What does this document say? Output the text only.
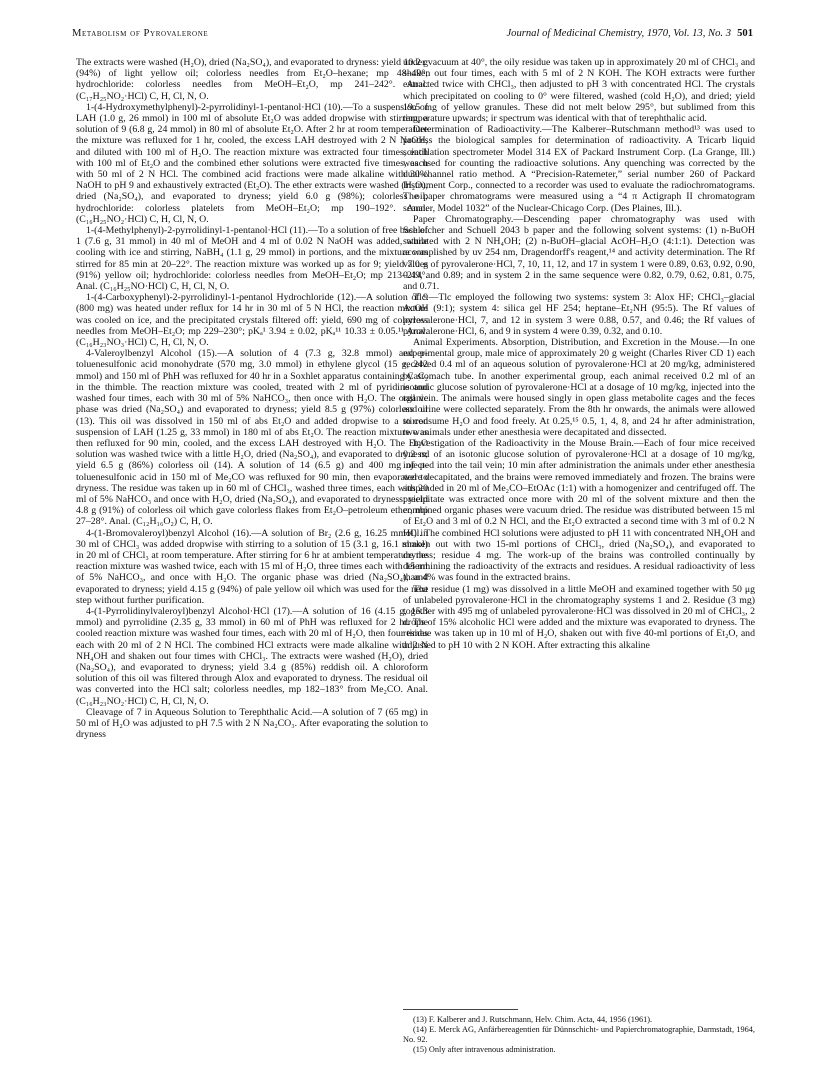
Metabolism of Pyrovalerone	Journal of Medicinal Chemistry, 1970, Vol. 13, No. 3 501

The extracts were washed (H₂O), dried (Na₂SO₄), and evaporated to dryness: yield 10.2 g (94%) of light yellow oil; colorless needles from Et₂O–hexane; mp 48–49°; hydrochloride: colorless needles from MeOH–Et₂O, mp 241–242°. Anal. (C₁₇H₂₅NO₂·HCl) C, H, Cl, N, O.

1-(4-Hydroxymethylphenyl)-2-pyrrolidinyl-1-pentanol·HCl (10).—To a suspension of LAH (1.0 g, 26 mmol) in 100 ml of absolute Et₂O was added dropwise with stirring, a solution of 9 (6.8 g, 24 mmol) in 80 ml of absolute Et₂O. After 2 hr at room temperature the mixture was refluxed for 1 hr, cooled, the excess LAH destroyed with 2 N NaOH, and diluted with 100 ml of H₂O. The reaction mixture was extracted four times, each with 100 ml of Et₂O and the combined ether solutions were extracted five times, each with 50 ml of 2 N HCl. The combined acid fractions were made alkaline with 30% NaOH to pH 9 and exhaustively extracted (Et₂O). The ether extracts were washed (H₂O), dried (Na₂SO₄), and evaporated to dryness; yield 6.0 g (98%); colorless oil; hydrochloride: colorless platelets from MeOH–Et₂O; mp 190–192°. Anal. (C₁₆H₂₅NO₂·HCl) C, H, Cl, N, O.

1-(4-Methylphenyl)-2-pyrrolidinyl-1-pentanol·HCl (11).—To a solution of free base of 1 (7.6 g, 31 mmol) in 40 ml of MeOH and 4 ml of 0.02 N NaOH was added, while cooling with ice and stirring, NaBH₄ (1.1 g, 29 mmol) in portions, and the mixture was stirred for 85 min at 20–22°. The reaction mixture was worked up as for 9; yield 7.0 g (91%) yellow oil; hydrochloride: colorless needles from MeOH–Et₂O; mp 213–214°. Anal. (C₁₆H₂₅NO·HCl) C, H, Cl, N, O.

1-(4-Carboxyphenyl)-2-pyrrolidinyl-1-pentanol Hydrochloride (12).—A solution of 9 (800 mg) was heated under reflux for 14 hr in 30 ml of 5 N HCl, the reaction mixture was cooled on ice, and the precipitated crystals filtered off: yield, 690 mg of colorless needles from MeOH–Et₂O; mp 229–230°; pKₐ¹ 3.94 ± 0.02, pKₐ¹¹ 10.33 ± 0.05.¹¹ Anal. (C₁₆H₂₃NO₃·HCl) C, H, Cl, N, O.

4-Valeroylbenzyl Alcohol (15).—A solution of 4 (7.3 g, 32.8 mmol) and p-toluenesulfonic acid monohydrate (570 mg, 3.0 mmol) in ethylene glycol (15 g, 242 mmol) and 150 ml of PhH was refluxed for 40 hr in a Soxhlet apparatus containing CaC₂ in the thimble. The reaction mixture was cooled, treated with 2 ml of pyridine and washed four times, each with 30 ml of 5% NaHCO₃, then once with H₂O. The organic phase was dried (Na₂SO₄) and evaporated to dryness; yield 8.5 g (97%) colorless oil (13). This oil was dissolved in 150 ml of abs Et₂O and added dropwise to a stirred suspension of LAH (1.25 g, 33 mmol) in 180 ml of abs Et₂O. The reaction mixture was then refluxed for 90 min, cooled, and the excess LAH destroyed with H₂O. The Et₂O solution was washed twice with a little H₂O, dried (Na₂SO₄), and evaporated to dryness; yield 6.5 g (86%) colorless oil (14). A solution of 14 (6.5 g) and 400 mg of p-toluenesulfonic acid in 150 ml of Me₂CO was refluxed for 90 min, then evaporated to dryness. The residue was taken up in 60 ml of CHCl₃, washed three times, each with 20 ml of 5% NaHCO₃ and once with H₂O, dried (Na₂SO₄), and evaporated to dryness; yield 4.8 g (91%) of colorless oil which gave colorless flakes from Et₂O–petroleum ether, mp 27–28°. Anal. (C₁₂H₁₆O₂) C, H, O.

4-(1-Bromovaleroyl)benzyl Alcohol (16).—A solution of Br₂ (2.6 g, 16.25 mmol) in 30 ml of CHCl₃ was added dropwise with stirring to a solution of 15 (3.1 g, 16.1 mmol) in 20 ml of CHCl₃ at room temperature. After stirring for 6 hr at ambient temperature the reaction mixture was washed twice, each with 15 ml of H₂O, three times each with 15 ml of 5% NaHCO₃, and once with H₂O. The organic phase was dried (Na₂SO₄), and evaporated to dryness; yield 4.15 g (94%) of pale yellow oil which was used for the next step without further purification.

4-(1-Pyrrolidinylvaleroyl)benzyl Alcohol·HCl (17).—A solution of 16 (4.15 g, 15.3 mmol) and pyrrolidine (2.35 g, 33 mmol) in 60 ml of PhH was refluxed for 2 hr. The cooled reaction mixture was washed four times, each with 20 ml of H₂O, then four times each with 20 ml of 2 N HCl. The combined HCl extracts were made alkaline with 2 N NH₄OH and shaken out four times with CHCl₃. The extracts were washed (H₂O), dried (Na₂SO₄), and evaporated to dryness; yield 3.4 g (85%) reddish oil. A chloroform solution of this oil was filtered through Alox and evaporated to dryness. The residual oil was converted into the HCl salt; colorless needles, mp 182–183° from Me₂CO. Anal. (C₁₆H₂₃NO₂·HCl) C, H, Cl, N, O.

Cleavage of 7 in Aqueous Solution to Terephthalic Acid.—A solution of 7 (65 mg) in 50 ml of H₂O was adjusted to pH 7.5 with 2 N Na₂CO₃. After evaporating the solution to dryness

under vacuum at 40°, the oily residue was taken up in approximately 20 ml of CHCl₃ and shaken out four times, each with 5 ml of 2 N KOH. The KOH extracts were further extracted twice with CHCl₃, then adjusted to pH 3 with concentrated HCl. The crystals which precipitated on cooling to 0° were filtered, washed (cold H₂O), and dried; yield 19.5 mg of yellow granules. These did not melt below 295°, but sublimed from this temperature upwards; ir spectrum was identical with that of terephthalic acid.

Determination of Radioactivity.—The Kalberer–Rutschmann method¹³ was used to process the biological samples for determination of radioactivity. A Tricarb liquid scintillation spectrometer Model 314 EX of Packard Instrument Corp. (La Grange, Ill.) was used for counting the radioactive solutions. Any quenching was corrected by the dual-channel ratio method. A “Precision-Ratemeter,” serial number 260 of Packard Instrument Corp., connected to a recorder was used to evaluate the radiochromatograms. The paper chromatograms were measured using a “4 π Actigraph II chromatogram scanner, Model 1032” of the Nuclear-Chicago Corp. (Des Plaines, Ill.).

Paper Chromatography.—Descending paper chromatography was used with Schleicher and Schuell 2043 b paper and the following solvent systems: (1) n-BuOH saturated with 2 N NH₄OH; (2) n-BuOH–glacial AcOH–H₂O (4:1:1). Detection was accomplished by uv 254 nm, Dragendorff's reagent,¹⁴ and activity determination. The Rf values of pyrovalerone·HCl, 7, 10, 11, 12, and 17 in system 1 were 0.89, 0.63, 0.92, 0.90, 0.49, and 0.89; and in system 2 in the same sequence were 0.82, 0.79, 0.62, 0.81, 0.75, and 0.71.

Tlc.—Tlc employed the following two systems: system 3: Alox HF; CHCl₃–glacial AcOH (9:1); system 4: silica gel HF 254; heptane–Et₂NH (95:5). The Rf values of pyrovalerone·HCl, 7, and 12 in system 3 were 0.88, 0.57, and 0.46; the Rf values of pyrovalerone·HCl, 6, and 9 in system 4 were 0.39, 0.32, and 0.10.

Animal Experiments. Absorption, Distribution, and Excretion in the Mouse.—In one experimental group, male mice of approximately 20 g weight (Charles River CD 1) each received 0.4 ml of an aqueous solution of pyrovalerone·HCl at 20 mg/kg, administered by stomach tube. In another experimental group, each animal received 0.2 ml of an isotonic glucose solution of pyrovalerone·HCl at a dosage of 10 mg/kg, injected into the tail vein. The animals were housed singly in open glass metabolite cages and the feces and urine were collected separately. From the 8th hr onwards, the animals were allowed to consume H₂O and food freely. At 0.25,¹⁵ 0.5, 1, 4, 8, and 24 hr after administration, two animals under ether anesthesia were decapitated and dissected.

Investigation of the Radioactivity in the Mouse Brain.—Each of four mice received 0.2 ml of an isotonic glucose solution of pyrovalerone·HCl at a dosage of 10 mg/kg, injected into the tail vein; 10 min after administration the animals under ether anesthesia were decapitated, and the brains were removed immediately and frozen. The brains were suspended in 20 ml of Me₂CO–EtOAc (1:1) with a homogenizer and centrifuged off. The precipitate was extracted once more with 20 ml of the solvent mixture and then the combined organic phases were vacuum dried. The residue was distributed between 15 ml of Et₂O and 3 ml of 0.2 N HCl, and the Et₂O extracted a second time with 3 ml of 0.2 N HCl. The combined HCl solutions were adjusted to pH 11 with concentrated NH₄OH and shaken out with two 15-ml portions of CHCl₃, dried (Na₂SO₄), and evaporated to dryness; residue 4 mg. The work-up of the brains was controlled continually by determining the radioactivity of the extracts and residues. A residual radioactivity of less than 4% was found in the extracted brains.

The residue (1 mg) was dissolved in a little MeOH and examined together with 50 μg of unlabeled pyrovalerone·HCl in the chromatography systems 1 and 2. Residue (3 mg) together with 495 mg of unlabeled pyrovalerone·HCl was dissolved in 20 ml of CHCl₃, 2 drops of 15% alcoholic HCl were added and the mixture was evaporated to dryness. The residue was taken up in 10 ml of H₂O, shaken out with five 40-ml portions of Et₂O, and adjusted to pH 10 with 2 N KOH. After extracting this alkaline

(13) F. Kalberer and J. Rutschmann, Helv. Chim. Acta, 44, 1956 (1961).

(14) E. Merck AG, Anfärbereagentien für Dünnschicht- und Papierchromatographie, Darmstadt, 1964, No. 92.

(15) Only after intravenous administration.
